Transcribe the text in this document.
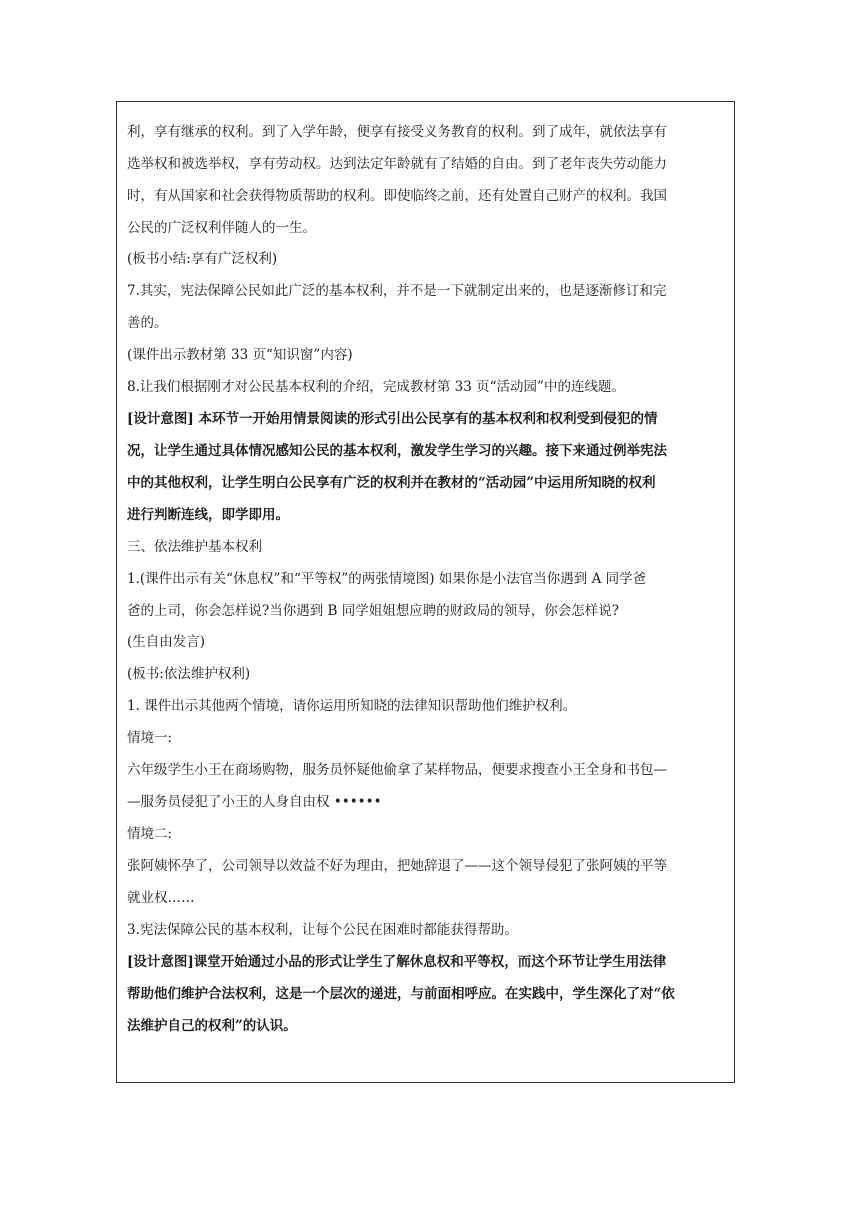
利，享有继承的权利。到了入学年龄，便享有接受义务教育的权利。到了成年，就依法享有
选举权和被选举权，享有劳动权。达到法定年龄就有了结婚的自由。到了老年丧失劳动能力
时，有从国家和社会获得物质帮助的权利。即使临终之前，还有处置自己财产的权利。我国
公民的广泛权利伴随人的一生。
(板书小结:享有广泛权利)
7.其实，宪法保障公民如此广泛的基本权利，并不是一下就制定出来的，也是逐渐修订和完
善的。
(课件出示教材第 33 页“知识窗”内容)
8.让我们根据刚才对公民基本权利的介绍，完成教材第 33 页“活动园”中的连线题。
[设计意图] 本环节一开始用情景阅读的形式引出公民享有的基本权利和权利受到侵犯的情
况，让学生通过具体情况感知公民的基本权利，激发学生学习的兴趣。接下来通过例举宪法
中的其他权利，让学生明白公民享有广泛的权利并在教材的“活动园”中运用所知晓的权利
进行判断连线，即学即用。
三、依法维护基本权利
1.(课件出示有关“休息权”和“平等权”的两张情境图) 如果你是小法官当你遇到 A 同学爸
爸的上司，你会怎样说?当你遇到 B 同学姐姐想应聘的财政局的领导，你会怎样说?
(生自由发言)
(板书:依法维护权利)
1. 课件出示其他两个情境，请你运用所知晓的法律知识帮助他们维护权利。
情境一:
六年级学生小王在商场购物，服务员怀疑他偷拿了某样物品，便要求搜查小王全身和书包—
—服务员侵犯了小王的人身自由权 ••••••
情境二:
张阿姨怀孕了，公司领导以效益不好为理由，把她辞退了——这个领导侵犯了张阿姨的平等
就业权……
3.宪法保障公民的基本权利，让每个公民在困难时都能获得帮助。
[设计意图]课堂开始通过小品的形式让学生了解休息权和平等权，而这个环节让学生用法律
帮助他们维护合法权利，这是一个层次的递进，与前面相呼应。在实践中，学生深化了对“依
法维护自己的权利”的认识。
